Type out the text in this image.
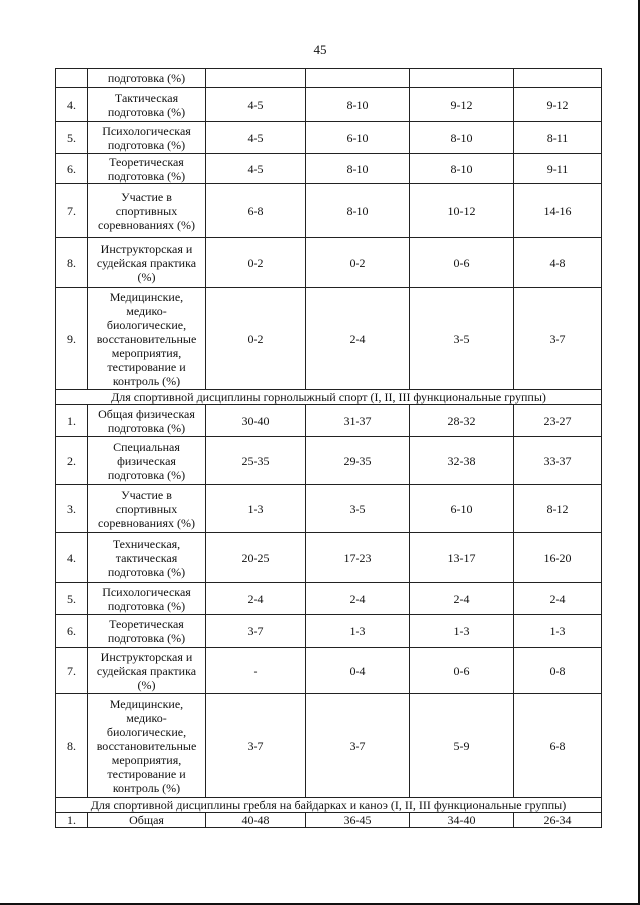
45
	подготовка (%)				
4.	Тактическая подготовка (%)	4-5	8-10	9-12	9-12
5.	Психологическая подготовка (%)	4-5	6-10	8-10	8-11
6.	Теоретическая подготовка (%)	4-5	8-10	8-10	9-11
7.	Участие в спортивных соревнованиях (%)	6-8	8-10	10-12	14-16
8.	Инструкторская и судейская практика (%)	0-2	0-2	0-6	4-8
9.	Медицинские, медико-биологические, восстановительные мероприятия, тестирование и контроль (%)	0-2	2-4	3-5	3-7
Для спортивной дисциплины горнолыжный спорт (I, II, III функциональные группы)					
1.	Общая физическая подготовка (%)	30-40	31-37	28-32	23-27
2.	Специальная физическая подготовка (%)	25-35	29-35	32-38	33-37
3.	Участие в спортивных соревнованиях (%)	1-3	3-5	6-10	8-12
4.	Техническая, тактическая подготовка (%)	20-25	17-23	13-17	16-20
5.	Психологическая подготовка (%)	2-4	2-4	2-4	2-4
6.	Теоретическая подготовка (%)	3-7	1-3	1-3	1-3
7.	Инструкторская и судейская практика (%)	-	0-4	0-6	0-8
8.	Медицинские, медико-биологические, восстановительные мероприятия, тестирование и контроль (%)	3-7	3-7	5-9	6-8
Для спортивной дисциплины гребля на байдарках и каноэ (I, II, III функциональные группы)					
1.	Общая	40-48	36-45	34-40	26-34
